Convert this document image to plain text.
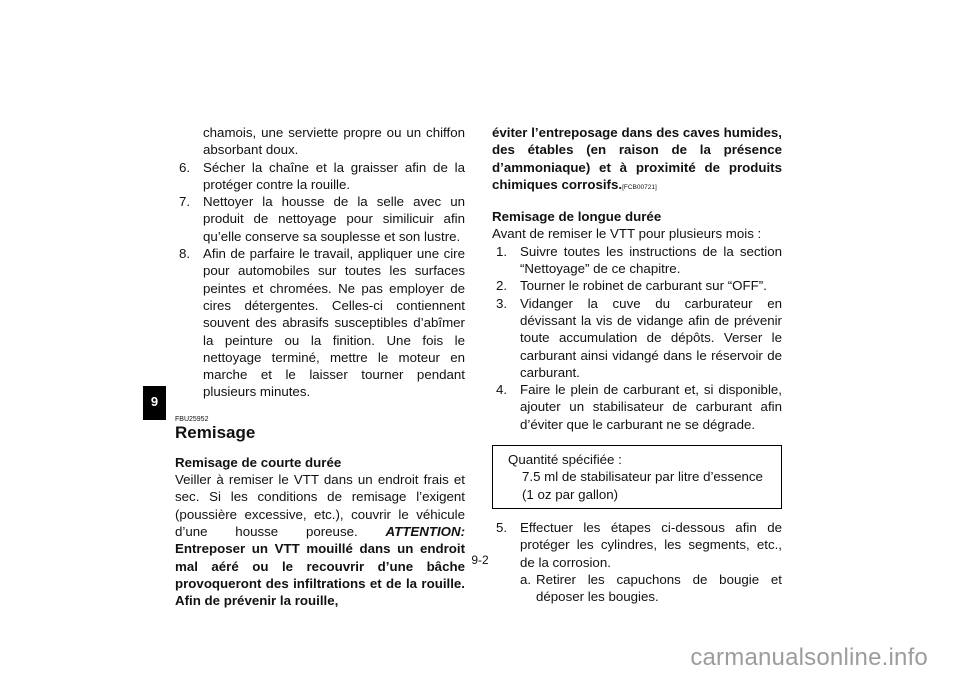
9

chamois, une serviette propre ou un chiffon absorbant doux.

6. Sécher la chaîne et la graisser afin de la protéger contre la rouille.
7. Nettoyer la housse de la selle avec un produit de nettoyage pour similicuir afin qu’elle conserve sa souplesse et son lustre.
8. Afin de parfaire le travail, appliquer une cire pour automobiles sur toutes les surfaces peintes et chromées. Ne pas employer de cires détergentes. Celles-ci contiennent souvent des abrasifs susceptibles d’abîmer la peinture ou la finition. Une fois le nettoyage terminé, mettre le moteur en marche et le laisser tourner pendant plusieurs minutes.
FBU25952
Remisage

Remisage de courte durée

Veiller à remiser le VTT dans un endroit frais et sec. Si les conditions de remisage l’exigent (poussière excessive, etc.), couvrir le véhicule d’une housse poreuse. ATTENTION: Entreposer un VTT mouillé dans un endroit mal aéré ou le recouvrir d’une bâche provoqueront des infiltrations et de la rouille. Afin de prévenir la rouille,

éviter l’entreposage dans des caves humides, des étables (en raison de la présence d’ammoniaque) et à proximité de produits chimiques corrosifs.[FCB00721]

Remisage de longue durée

Avant de remiser le VTT pour plusieurs mois :

1. Suivre toutes les instructions de la section “Nettoyage” de ce chapitre.
2. Tourner le robinet de carburant sur “OFF”.
3. Vidanger la cuve du carburateur en dévissant la vis de vidange afin de prévenir toute accumulation de dépôts. Verser le carburant ainsi vidangé dans le réservoir de carburant.
4. Faire le plein de carburant et, si disponible, ajouter un stabilisateur de carburant afin d’éviter que le carburant ne se dégrade.
Quantité spécifiée :
7.5 ml de stabilisateur par litre d’essence
(1 oz par gallon)
5. Effectuer les étapes ci-dessous afin de protéger les cylindres, les segments, etc., de la corrosion.
a. Retirer les capuchons de bougie et déposer les bougies.
9-2
carmanualsonline.info
